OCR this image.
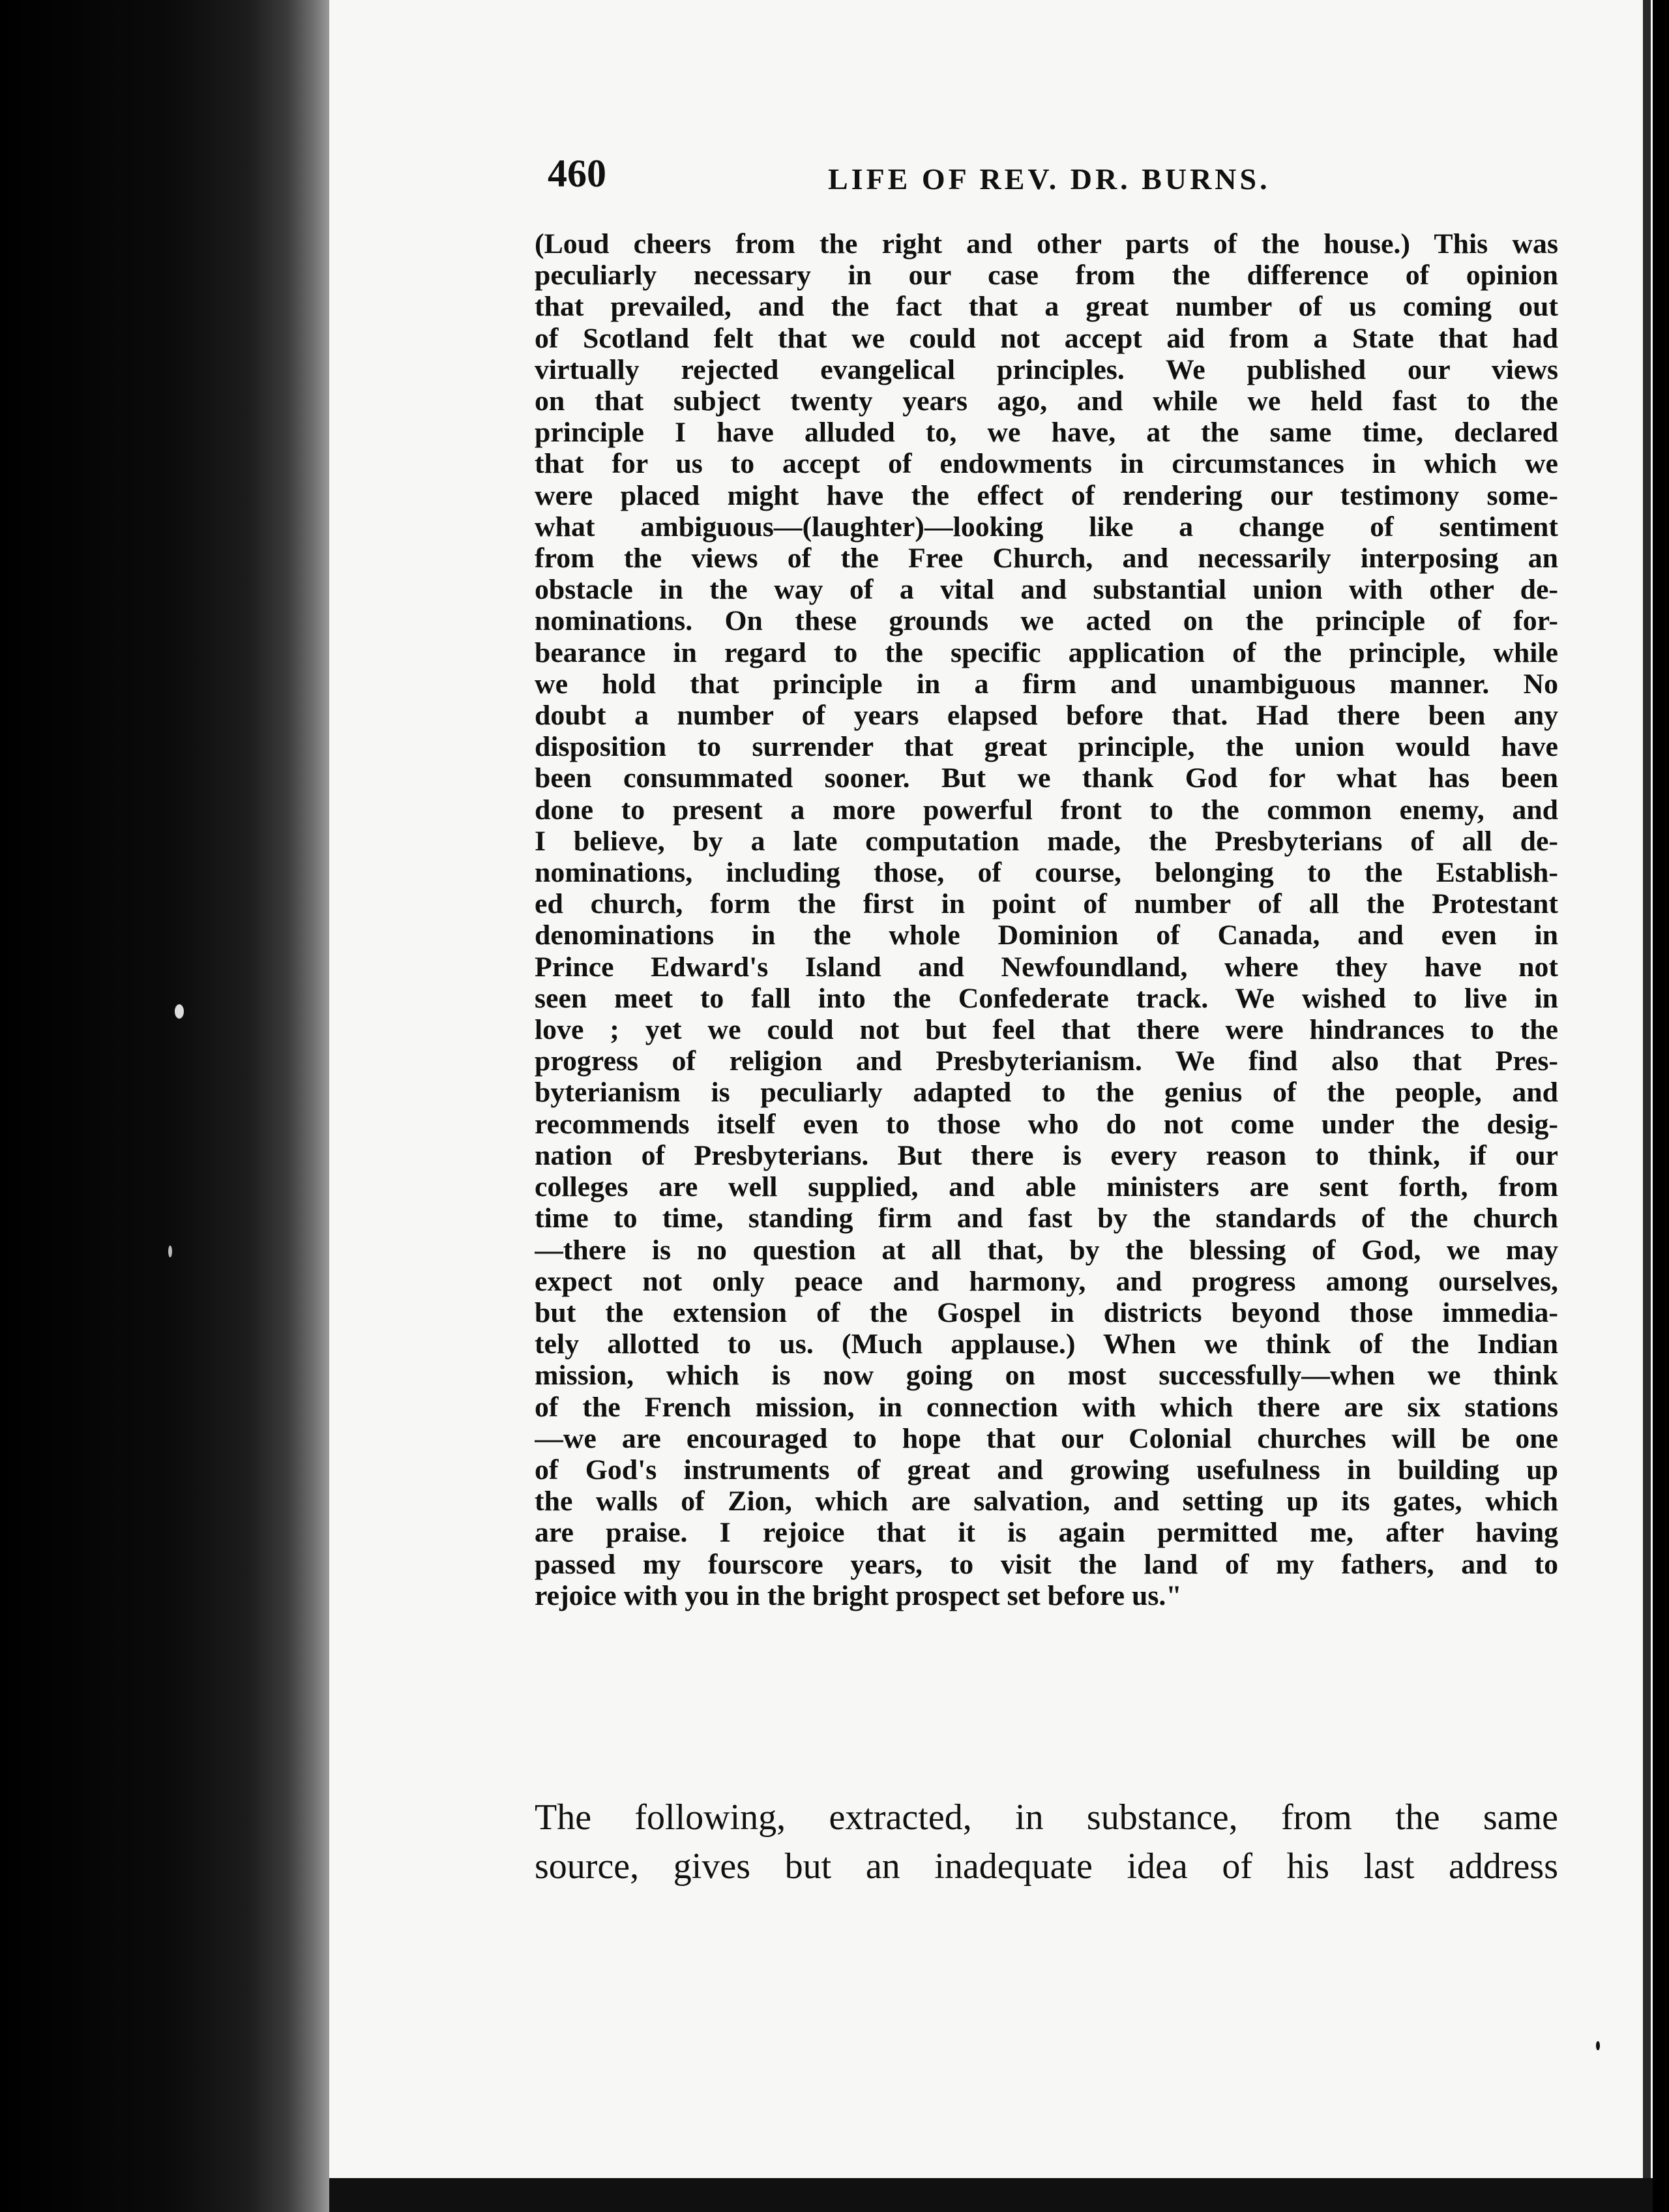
460	LIFE OF REV. DR. BURNS.

(Loud cheers from the right and other parts of the house.) This was
peculiarly necessary in our case from the difference of opinion
that prevailed, and the fact that a great number of us coming out
of Scotland felt that we could not accept aid from a State that had
virtually rejected evangelical principles. We published our views
on that subject twenty years ago, and while we held fast to the
principle I have alluded to, we have, at the same time, declared
that for us to accept of endowments in circumstances in which we
were placed might have the effect of rendering our testimony some-
what ambiguous—(laughter)—looking like a change of sentiment
from the views of the Free Church, and necessarily interposing an
obstacle in the way of a vital and substantial union with other de-
nominations. On these grounds we acted on the principle of for-
bearance in regard to the specific application of the principle, while
we hold that principle in a firm and unambiguous manner. No
doubt a number of years elapsed before that. Had there been any
disposition to surrender that great principle, the union would have
been consummated sooner. But we thank God for what has been
done to present a more powerful front to the common enemy, and
I believe, by a late computation made, the Presbyterians of all de-
nominations, including those, of course, belonging to the Establish-
ed church, form the first in point of number of all the Protestant
denominations in the whole Dominion of Canada, and even in
Prince Edward's Island and Newfoundland, where they have not
seen meet to fall into the Confederate track. We wished to live in
love ; yet we could not but feel that there were hindrances to the
progress of religion and Presbyterianism. We find also that Pres-
byterianism is peculiarly adapted to the genius of the people, and
recommends itself even to those who do not come under the desig-
nation of Presbyterians. But there is every reason to think, if our
colleges are well supplied, and able ministers are sent forth, from
time to time, standing firm and fast by the standards of the church
—there is no question at all that, by the blessing of God, we may
expect not only peace and harmony, and progress among ourselves,
but the extension of the Gospel in districts beyond those immedia-
tely allotted to us. (Much applause.) When we think of the Indian
mission, which is now going on most successfully—when we think
of the French mission, in connection with which there are six stations
—we are encouraged to hope that our Colonial churches will be one
of God's instruments of great and growing usefulness in building up
the walls of Zion, which are salvation, and setting up its gates, which
are praise. I rejoice that it is again permitted me, after having
passed my fourscore years, to visit the land of my fathers, and to
rejoice with you in the bright prospect set before us."
The following, extracted, in substance, from the same
source, gives but an inadequate idea of his last address
